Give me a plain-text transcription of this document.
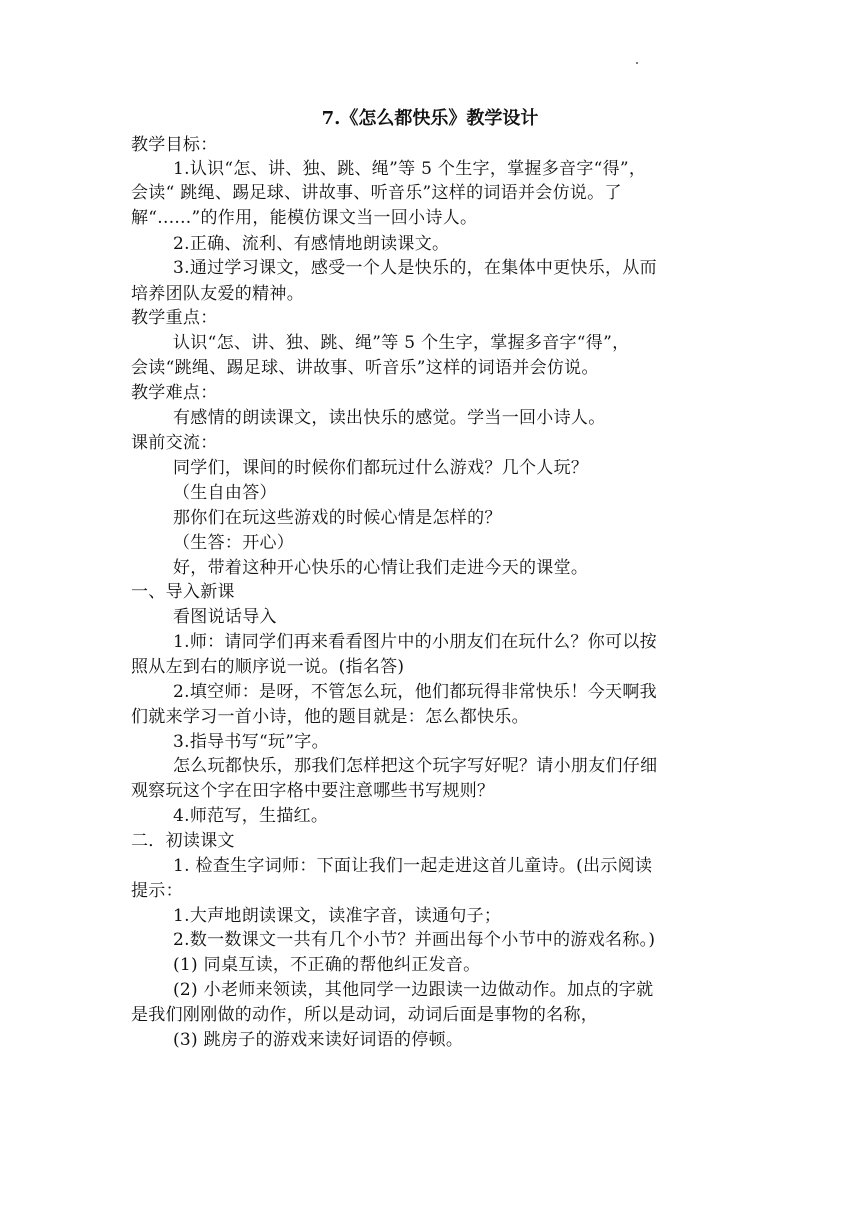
7.《怎么都快乐》教学设计
教学目标：
1.认识“怎、讲、独、跳、绳”等 5 个生字，掌握多音字“得”，
会读“ 跳绳、踢足球、讲故事、听音乐”这样的词语并会仿说。了
解“......”的作用，能模仿课文当一回小诗人。
2.正确、流利、有感情地朗读课文。
3.通过学习课文，感受一个人是快乐的，在集体中更快乐，从而
培养团队友爱的精神。
教学重点：
认识“怎、讲、独、跳、绳”等 5 个生字，掌握多音字“得”，
会读“跳绳、踢足球、讲故事、听音乐”这样的词语并会仿说。
教学难点：
有感情的朗读课文，读出快乐的感觉。学当一回小诗人。
课前交流：
同学们，课间的时候你们都玩过什么游戏？几个人玩？
（生自由答）
那你们在玩这些游戏的时候心情是怎样的？
（生答：开心）
好，带着这种开心快乐的心情让我们走进今天的课堂。
一、导入新课
看图说话导入
1.师：请同学们再来看看图片中的小朋友们在玩什么？你可以按
照从左到右的顺序说一说。(指名答)
2.填空师：是呀，不管怎么玩，他们都玩得非常快乐！今天啊我
们就来学习一首小诗，他的题目就是：怎么都快乐。
3.指导书写“玩”字。
怎么玩都快乐，那我们怎样把这个玩字写好呢？请小朋友们仔细
观察玩这个字在田字格中要注意哪些书写规则？
4.师范写，生描红。
二．初读课文
1. 检查生字词师：下面让我们一起走进这首儿童诗。(出示阅读
提示：
1.大声地朗读课文，读准字音，读通句子；
2.数一数课文一共有几个小节？并画出每个小节中的游戏名称。)
(1) 同桌互读，不正确的帮他纠正发音。
(2) 小老师来领读，其他同学一边跟读一边做动作。加点的字就
是我们刚刚做的动作，所以是动词，动词后面是事物的名称，
(3) 跳房子的游戏来读好词语的停顿。
